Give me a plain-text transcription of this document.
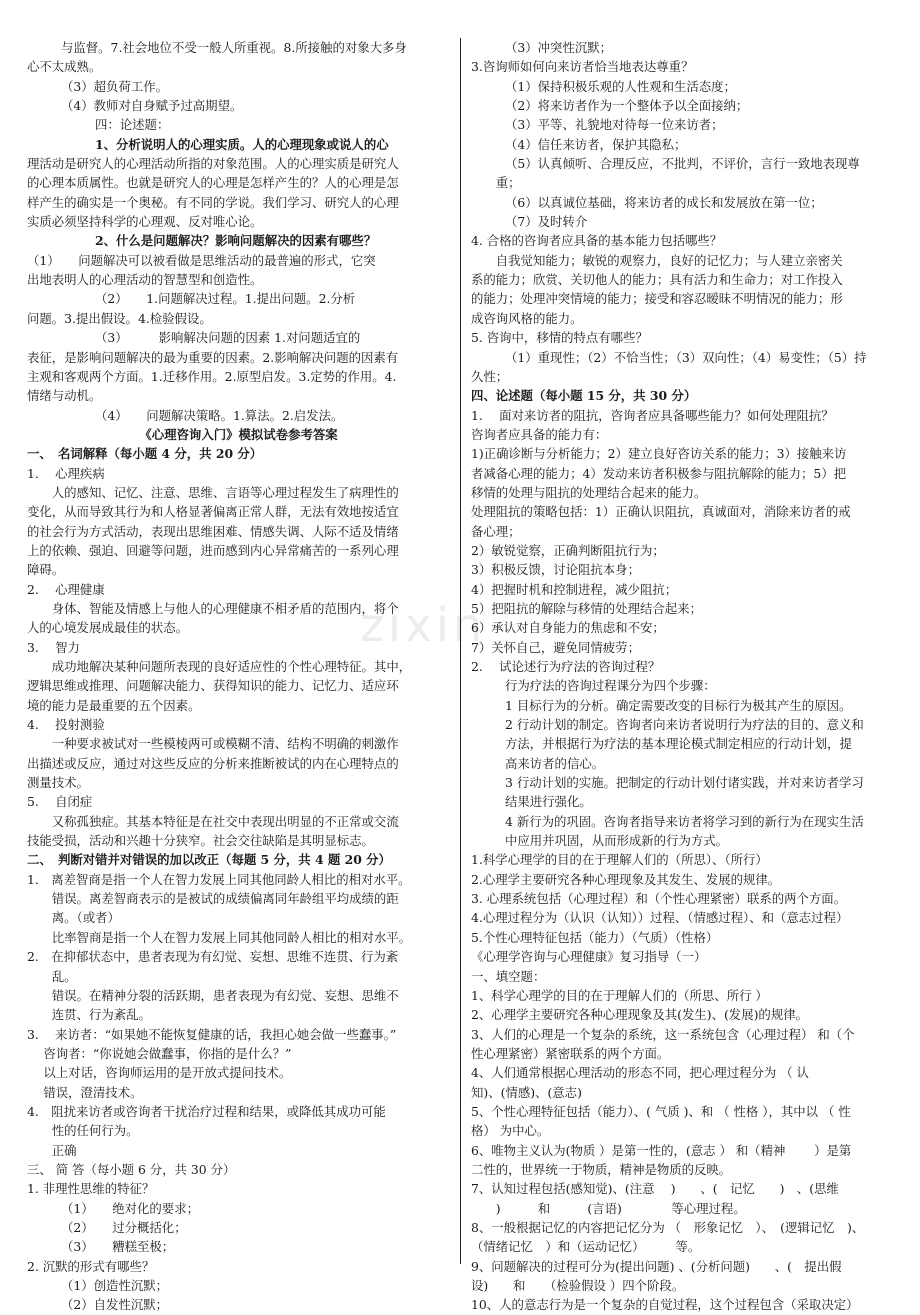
zixin
与监督。7.社会地位不受一般人所重视。8.所接触的对象大多身
心不太成熟。
（3）超负荷工作。
（4）教师对自身赋予过高期望。
四：论述题：
1、分析说明人的心理实质。人的心理现象或说人的心
理活动是研究人的心理活动所指的对象范围。人的心理实质是研究人
的心理本质属性。也就是研究人的心理是怎样产生的？人的心理是怎
样产生的确实是一个奥秘。有不同的学说。我们学习、研究人的心理
实质必须坚持科学的心理观、反对唯心论。
2、什么是问题解决？影响问题解决的因素有哪些？
（1）　　问题解决可以被看做是思维活动的最普遍的形式，它突
出地表明人的心理活动的智慧型和创造性。
（2）　　1.问题解决过程。1.提出问题。2.分析
问题。3.提出假设。4.检验假设。
（3）　　　影响解决问题的因素 1.对问题适宜的
表征，是影响问题解决的最为重要的因素。2.影响解决问题的因素有
主观和客观两个方面。1.迁移作用。2.原型启发。3.定势的作用。4.
情绪与动机。
（4）　　问题解决策略。1.算法。2.启发法。
《心理咨询入门》模拟试卷参考答案
一、　名词解释（每小题 4 分，共 20 分）
1.　 心理疾病
　　人的感知、记忆、注意、思维、言语等心理过程发生了病理性的
变化，从而导致其行为和人格显著偏离正常人群，无法有效地按适宜
的社会行为方式活动，表现出思维困难、情感失调、人际不适及情绪
上的依赖、强迫、回避等问题，进而感到内心异常痛苦的一系列心理
障碍。
2.　 心理健康
　　身体、智能及情感上与他人的心理健康不相矛盾的范围内，将个
人的心境发展成最佳的状态。
3.　 智力
　　成功地解决某种问题所表现的良好适应性的个性心理特征。其中，
逻辑思维或推理、问题解决能力、获得知识的能力、记忆力、适应环
境的能力是最重要的五个因素。
4.　 投射测验
　　一种要求被试对一些模棱两可或模糊不清、结构不明确的刺激作
出描述或反应，通过对这些反应的分析来推断被试的内在心理特点的
测量技术。
5.　 自闭症
　　又称孤独症。其基本特征是在社交中表现出明显的不正常或交流
技能受损，活动和兴趣十分狭窄。社会交往缺陷是其明显标志。
二、　判断对错并对错误的加以改正（每题 5 分，共 4 题 20 分）
1.　离差智商是指一个人在智力发展上同其他同龄人相比的相对水平。
　　错误。离差智商表示的是被试的成绩偏离同年龄组平均成绩的距
　　离。（或者）
　　比率智商是指一个人在智力发展上同其他同龄人相比的相对水平。
2.　在抑郁状态中，患者表现为有幻觉、妄想、思维不连贯、行为紊
　　乱。
　　错误。在精神分裂的活跃期，患者表现为有幻觉、妄想、思维不
　　连贯、行为紊乱。
3.　 来访者：“如果她不能恢复健康的话，我担心她会做一些蠢事。”
　 咨询者：“你说她会做蠢事，你指的是什么？”
　 以上对话，咨询师运用的是开放式提问技术。
　 错误，澄清技术。
4.　阻扰来访者或咨询者干扰治疗过程和结果，或降低其成功可能
　　性的任何行为。
　　正确
三、 简 答（每小题 6 分，共 30 分）
1. 非理性思维的特征？
（1）　　绝对化的要求；
（2）　　过分概括化；
（3）　　糟糕至极；
2. 沉默的形式有哪些？
（1）创造性沉默；
（2）自发性沉默；
（3）冲突性沉默；
3.咨询师如何向来访者恰当地表达尊重？
（1）保持积极乐观的人性观和生活态度；
（2）将来访者作为一个整体予以全面接纳；
（3）平等、礼貌地对待每一位来访者；
（4）信任来访者，保护其隐私；
（5）认真倾听、合理反应，不批判，不评价，言行一致地表现尊
　　重；
（6）以真诚位基础，将来访者的成长和发展放在第一位；
（7）及时转介
4. 合格的咨询者应具备的基本能力包括哪些？
　　自我觉知能力；敏锐的观察力，良好的记忆力；与人建立亲密关
系的能力；欣赏、关切他人的能力；具有活力和生命力；对工作投入
的能力；处理冲突情境的能力；接受和容忍暧昧不明情况的能力；形
成咨询风格的能力。
5. 咨询中，移情的特点有哪些？
（1）重现性；（2）不恰当性；（3）双向性；（4）易变性；（5）持
久性；
四、论述题（每小题 15 分，共 30 分）
1.　 面对来访者的阻抗，咨询者应具备哪些能力？如何处理阻抗？
咨询者应具备的能力有：
1)正确诊断与分析能力；2）建立良好咨访关系的能力；3）接触来访
者减备心理的能力；4）发动来访者积极参与阻抗解除的能力；5）把
移情的处理与阻抗的处理结合起来的能力。
处理阻抗的策略包括：1）正确认识阻抗，真诚面对，消除来访者的戒
备心理；
2）敏锐觉察，正确判断阻抗行为；
3）积极反馈，讨论阻抗本身；
4）把握时机和控制进程，减少阻抗；
5）把阻抗的解除与移情的处理结合起来；
6）承认对自身能力的焦虑和不安；
7）关怀自己，避免同情疲劳；
2.　 试论述行为疗法的咨询过程？
行为疗法的咨询过程课分为四个步骤：
1 目标行为的分析。确定需要改变的目标行为极其产生的原因。
2 行动计划的制定。咨询者向来访者说明行为疗法的目的、意义和
方法，并根据行为疗法的基本理论模式制定相应的行动计划，提
高来访者的信心。
3 行动计划的实施。把制定的行动计划付诸实践，并对来访者学习
结果进行强化。
4 新行为的巩固。咨询者指导来访者将学习到的新行为在现实生活
中应用并巩固，从而形成新的行为方式。
1.科学心理学的目的在于理解人们的（所思）、（所行）
2.心理学主要研究各种心理现象及其发生、发展的规律。
3. 心理系统包括（心理过程）和（个性心理紧密）联系的两个方面。
4.心理过程分为（认识（认知））过程、（情感过程）、和（意志过程）
5.个性心理特征包括（能力）（气质）（性格）
《心理学咨询与心理健康》复习指导（一）
一、填空题：
1、科学心理学的目的在于理解人们的（所思、所行 ）
2、心理学主要研究各种心理现象及其(发生)、(发展)的规律。
3、人们的心理是一个复杂的系统，这一系统包含（心理过程） 和（个
性心理紧密）紧密联系的两个方面。
4、人们通常根据心理活动的形态不同，把心理过程分为 （ 认
知)、(情感)、(意志)
5、个性心理特征包括（能力）、( 气质 )、和 （ 性格 ），其中以 （ 性
格） 为中心。
6、唯物主义认为(物质 ）是第一性的，(意志 ） 和（精神　　 ）是第
二性的，世界统一于物质，精神是物质的反映。
7、认知过程包括(感知觉)、(注意　 )　　、(　记忆　　)　、(思维
　　)　　　和　　　(言语)　　　　等心理过程。
8、一般根据记忆的内容把记忆分为 （　形象记忆　）、　(逻辑记忆　)、
（情绪记忆　）和（运动记忆）　　　等。
9、问题解决的过程可分为(提出问题) 、(分析问题)　　、(　提出假
设)　　和　　（检验假设 ）四个阶段。
10、人的意志行为是一个复杂的自觉过程，这个过程包含（采取决定）
